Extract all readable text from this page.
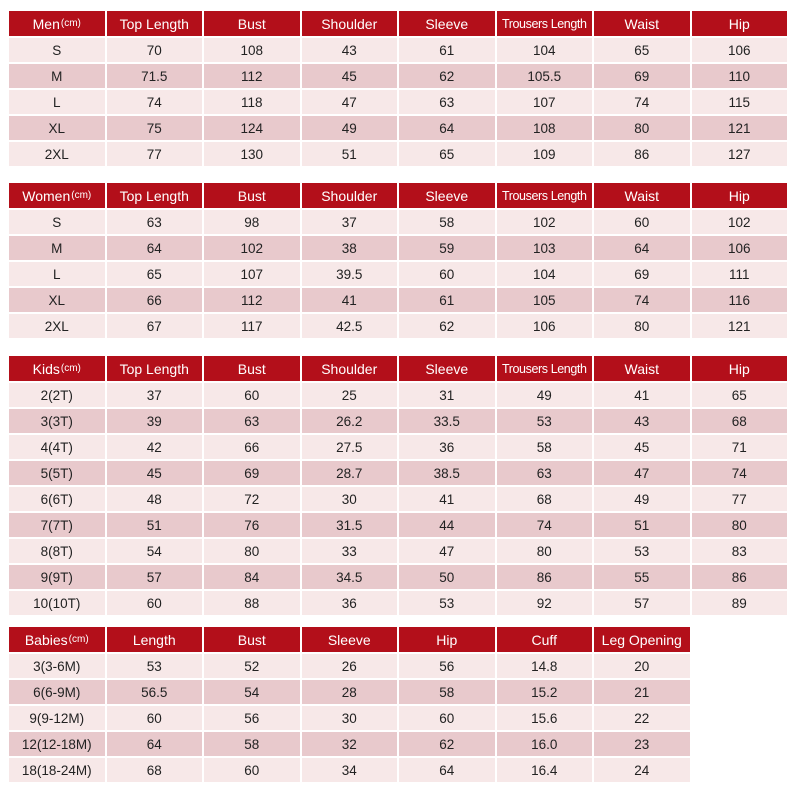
Men (cm)	Top Length	Bust	Shoulder	Sleeve	Trousers Length	Waist	Hip
S	70	108	43	61	104	65	106
M	71.5	112	45	62	105.5	69	110
L	74	118	47	63	107	74	115
XL	75	124	49	64	108	80	121
2XL	77	130	51	65	109	86	127
Women (cm)	Top Length	Bust	Shoulder	Sleeve	Trousers Length	Waist	Hip
S	63	98	37	58	102	60	102
M	64	102	38	59	103	64	106
L	65	107	39.5	60	104	69	111
XL	66	112	41	61	105	74	116
2XL	67	117	42.5	62	106	80	121
Kids (cm)	Top Length	Bust	Shoulder	Sleeve	Trousers Length	Waist	Hip
2(2T)	37	60	25	31	49	41	65
3(3T)	39	63	26.2	33.5	53	43	68
4(4T)	42	66	27.5	36	58	45	71
5(5T)	45	69	28.7	38.5	63	47	74
6(6T)	48	72	30	41	68	49	77
7(7T)	51	76	31.5	44	74	51	80
8(8T)	54	80	33	47	80	53	83
9(9T)	57	84	34.5	50	86	55	86
10(10T)	60	88	36	53	92	57	89
Babies (cm)	Length	Bust	Sleeve	Hip	Cuff	Leg Opening
3(3-6M)	53	52	26	56	14.8	20
6(6-9M)	56.5	54	28	58	15.2	21
9(9-12M)	60	56	30	60	15.6	22
12(12-18M)	64	58	32	62	16.0	23
18(18-24M)	68	60	34	64	16.4	24
